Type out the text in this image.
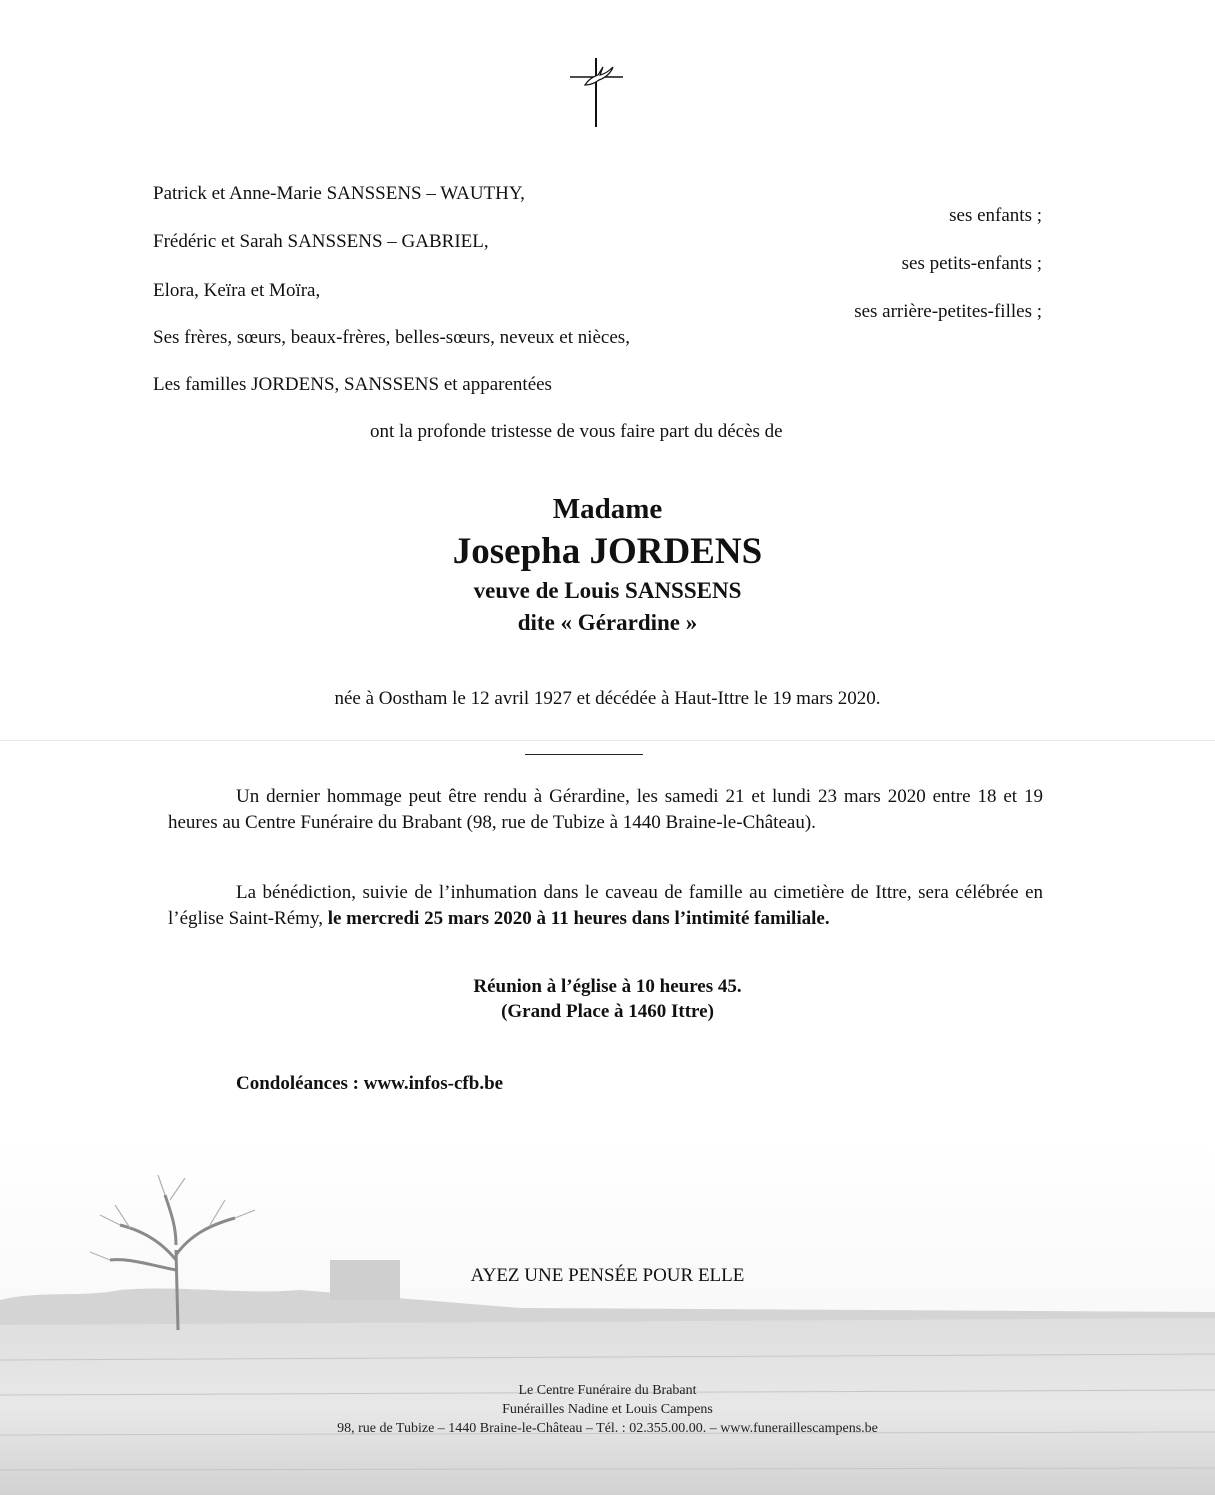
Patrick et Anne-Marie SANSSENS – WAUTHY,
Frédéric et Sarah SANSSENS – GABRIEL,
Elora, Keïra et Moïra,
Ses frères, sœurs, beaux-frères, belles-sœurs, neveux et nièces,
Les familles JORDENS, SANSSENS et apparentées
ses enfants ;
ses petits-enfants ;
ses arrière-petites-filles ;
ont la profonde tristesse de vous faire part du décès de
Madame
Josepha JORDENS
veuve de Louis SANSSENS
dite « Gérardine »
née à Oostham le 12 avril 1927 et décédée à Haut-Ittre le 19 mars 2020.
Un dernier hommage peut être rendu à Gérardine, les samedi 21 et lundi 23 mars 2020 entre 18 et 19 heures au Centre Funéraire du Brabant (98, rue de Tubize à 1440 Braine-le-Château).
La bénédiction, suivie de l’inhumation dans le caveau de famille au cimetière de Ittre, sera célébrée en l’église Saint-Rémy, le mercredi 25 mars 2020 à 11 heures dans l’intimité familiale.
Réunion à l’église à 10 heures 45.
(Grand Place à 1460 Ittre)
Condoléances : www.infos-cfb.be
AYEZ UNE PENSÉE POUR ELLE
Le Centre Funéraire du Brabant
Funérailles Nadine et Louis Campens
98, rue de Tubize – 1440 Braine-le-Château – Tél. : 02.355.00.00. – www.funeraillescampens.be
